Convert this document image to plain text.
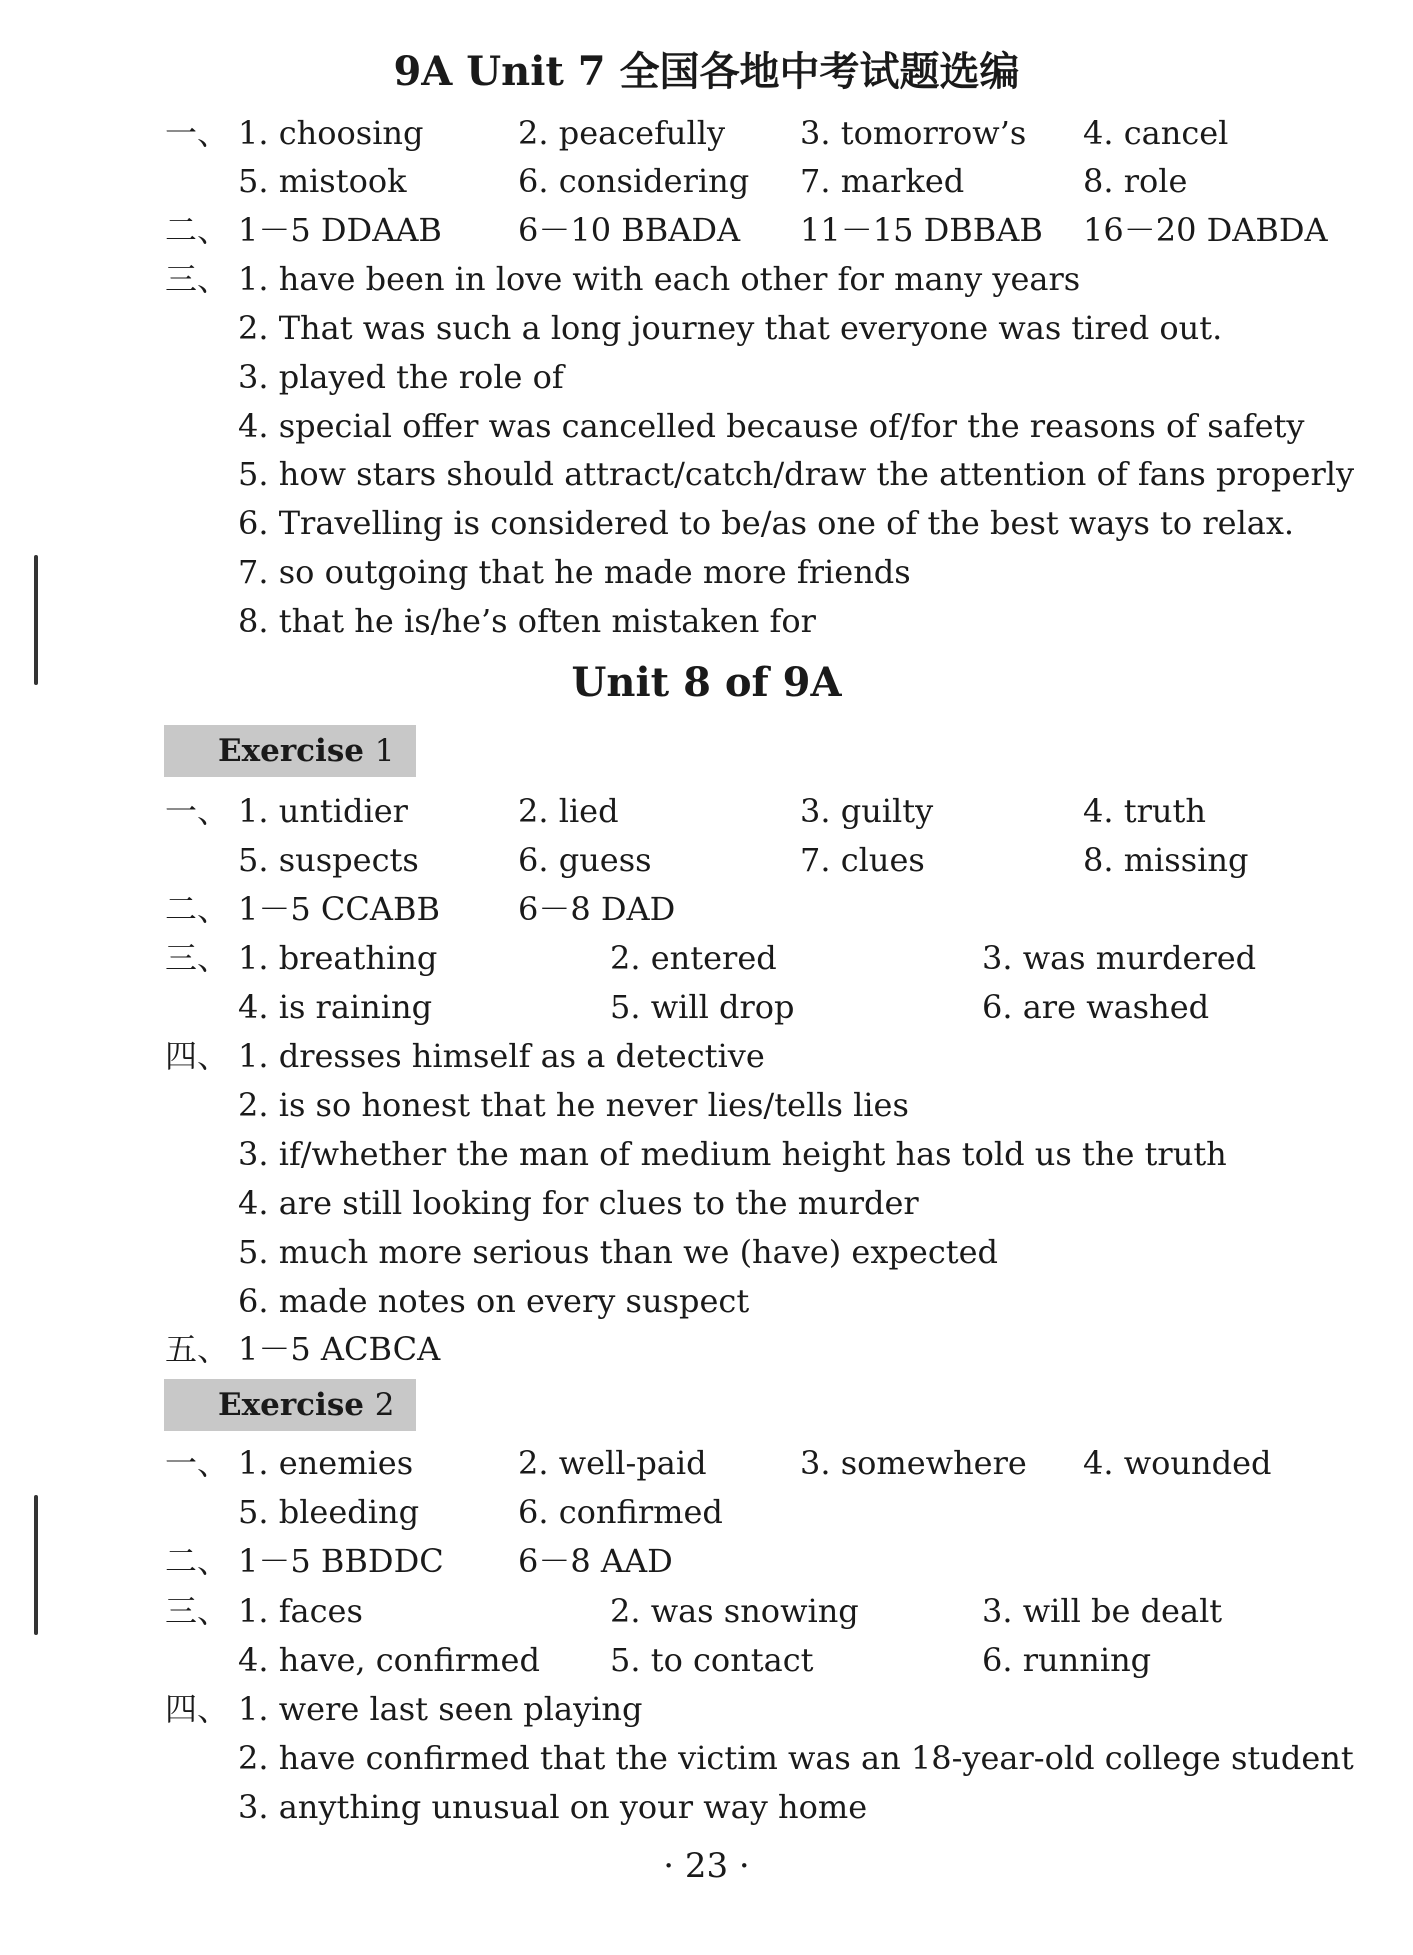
9A Unit 7 全国各地中考试题选编
一、 1. choosing	2. peacefully 3. tomorrow’s 4. cancel
5. mistook	6. considering 7. marked	8. role
二、 1－5 DDAAB 6－10 BBADA 11－15 DBBAB 16－20 DABDA
三、 1. have been in love with each other for many years
2. That was such a long journey that everyone was tired out.
3. played the role of
4. special offer was cancelled because of/for the reasons of safety
5. how stars should attract/catch/draw the attention of fans properly
6. Travelling is considered to be/as one of the best ways to relax.
7. so outgoing that he made more friends
8. that he is/he’s often mistaken for
Unit 8 of 9A
Exercise 1
一、 1. untidier	2. lied	3. guilty	4. truth
5. suspects	6. guess	7. clues	8. missing
二、 1－5 CCABB 6－8 DAD
三、 1. breathing	2. entered	3. was murdered
4. is raining	5. will drop	6. are washed
四、 1. dresses himself as a detective
2. is so honest that he never lies/tells lies
3. if/whether the man of medium height has told us the truth
4. are still looking for clues to the murder
5. much more serious than we (have) expected
6. made notes on every suspect
五、 1－5 ACBCA
Exercise 2
一、 1. enemies	2. well-paid	3. somewhere 4. wounded
5. bleeding	6. confirmed
二、 1－5 BBDDC 6－8 AAD
三、 1. faces	2. was snowing	3. will be dealt
4. have, confirmed 5. to contact	6. running
四、 1. were last seen playing
2. have confirmed that the victim was an 18-year-old college student
3. anything unusual on your way home
· 23 ·
